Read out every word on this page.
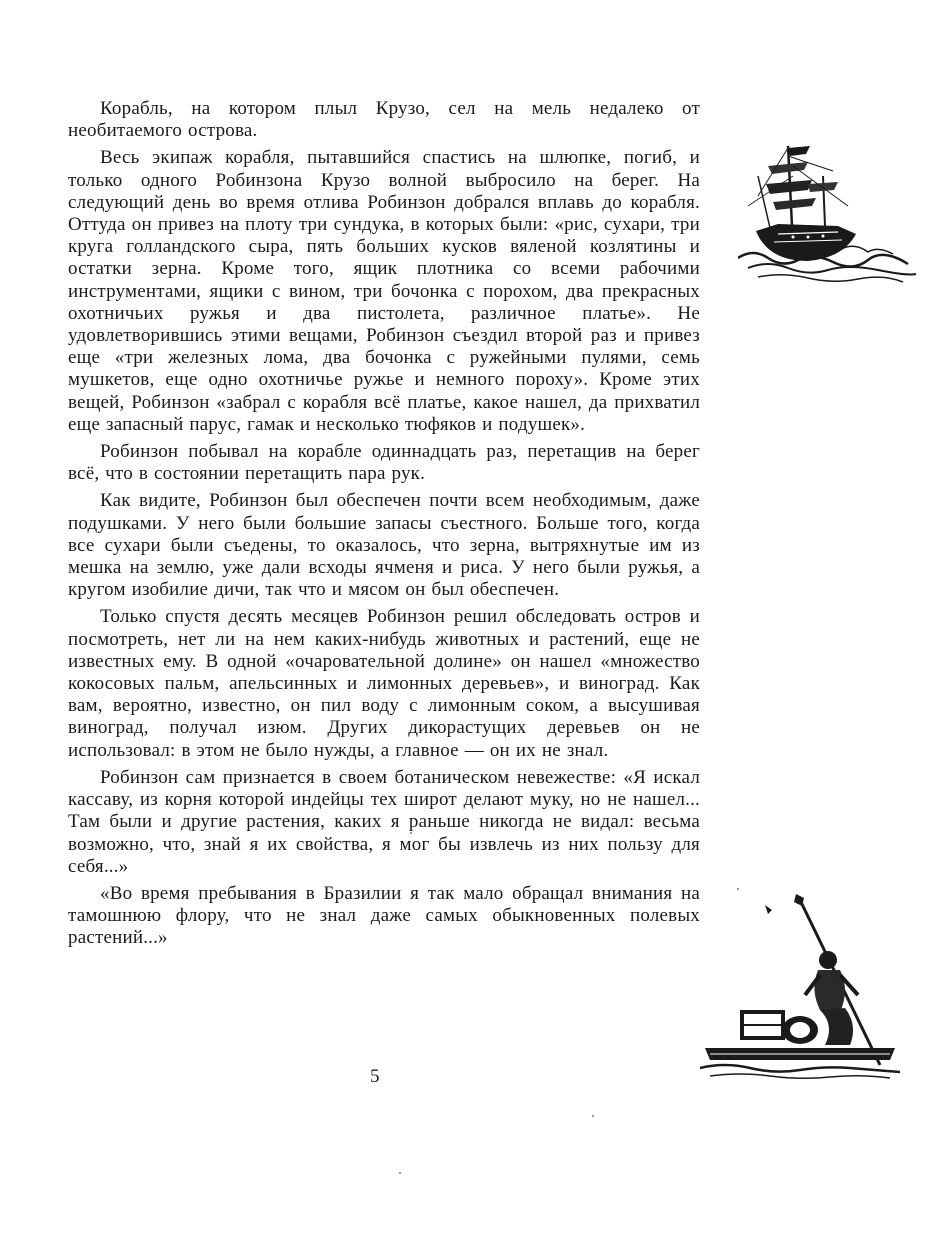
Корабль, на котором плыл Крузо, сел на мель недалеко от необитаемого острова.

Весь экипаж корабля, пытавшийся спастись на шлюпке, погиб, и только одного Робинзона Крузо волной выбросило на берег. На следующий день во время отлива Робинзон добрался вплавь до корабля. Оттуда он привез на плоту три сундука, в которых были: «рис, сухари, три круга голландского сыра, пять больших кусков вяленой козлятины и остатки зерна. Кроме того, ящик плотника со всеми рабочими инструментами, ящики с вином, три бочонка с порохом, два прекрасных охотничьих ружья и два пистолета, различное платье». Не удовлетворившись этими вещами, Робинзон съездил второй раз и привез еще «три железных лома, два бочонка с ружейными пулями, семь мушкетов, еще одно охотничье ружье и немного пороху». Кроме этих вещей, Робинзон «забрал с корабля всё платье, какое нашел, да прихватил еще запасный парус, гамак и несколько тюфяков и подушек».

Робинзон побывал на корабле одиннадцать раз, перетащив на берег всё, что в состоянии перетащить пара рук.

Как видите, Робинзон был обеспечен почти всем необходимым, даже подушками. У него были большие запасы съестного. Больше того, когда все сухари были съедены, то оказалось, что зерна, вытряхнутые им из мешка на землю, уже дали всходы ячменя и риса. У него были ружья, а кругом изобилие дичи, так что и мясом он был обеспечен.

Только спустя десять месяцев Робинзон решил обследовать остров и посмотреть, нет ли на нем каких-нибудь животных и растений, еще не известных ему. В одной «очаровательной долине» он нашел «множество кокосовых пальм, апельсинных и лимонных деревьев», и виноград. Как вам, вероятно, известно, он пил воду с лимонным соком, а высушивая виноград, получал изюм. Других дикорастущих деревьев он не использовал: в этом не было нужды, а главное — он их не знал.

Робинзон сам признается в своем ботаническом невежестве: «Я искал кассаву, из корня которой индейцы тех широт делают муку, но не нашел... Там были и другие растения, каких я раньше никогда не видал: весьма возможно, что, знай я их свойства, я мог бы извлечь из них пользу для себя...»

«Во время пребывания в Бразилии я так мало обращал внимания на тамошнюю флору, что не знал даже самых обыкновенных полевых растений...»

5
